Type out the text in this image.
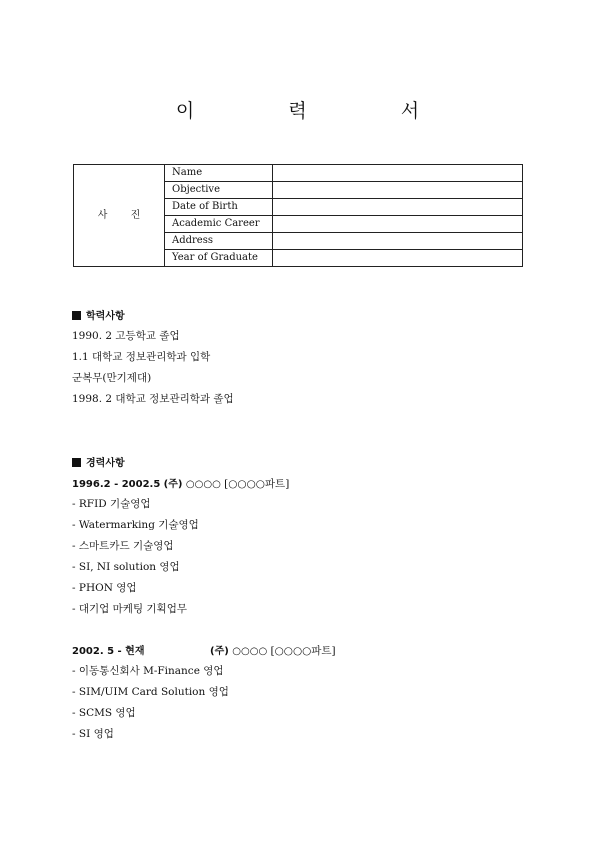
이 력 서
사 진	Name	
	Objective	
	Date of Birth	
	Academic Career	
	Address	
	Year of Graduate	
학력사항
1990. 2 고등학교 졸업
1.1 대학교 정보관리학과 입학
군복무(만기제대)
1998. 2 대학교 정보관리학과 졸업
경력사항
1996.2 - 2002.5 (주) ○○○○ [○○○○파트]
- RFID 기술영업
- Watermarking 기술영업
- 스마트카드 기술영업
- SI, NI solution 영업
- PHON 영업
- 대기업 마케팅 기획업무
2002. 5 - 현재	(주) ○○○○ [○○○○파트]
- 이동통신회사 M-Finance 영업
- SIM/UIM Card Solution 영업
- SCMS 영업
- SI 영업
